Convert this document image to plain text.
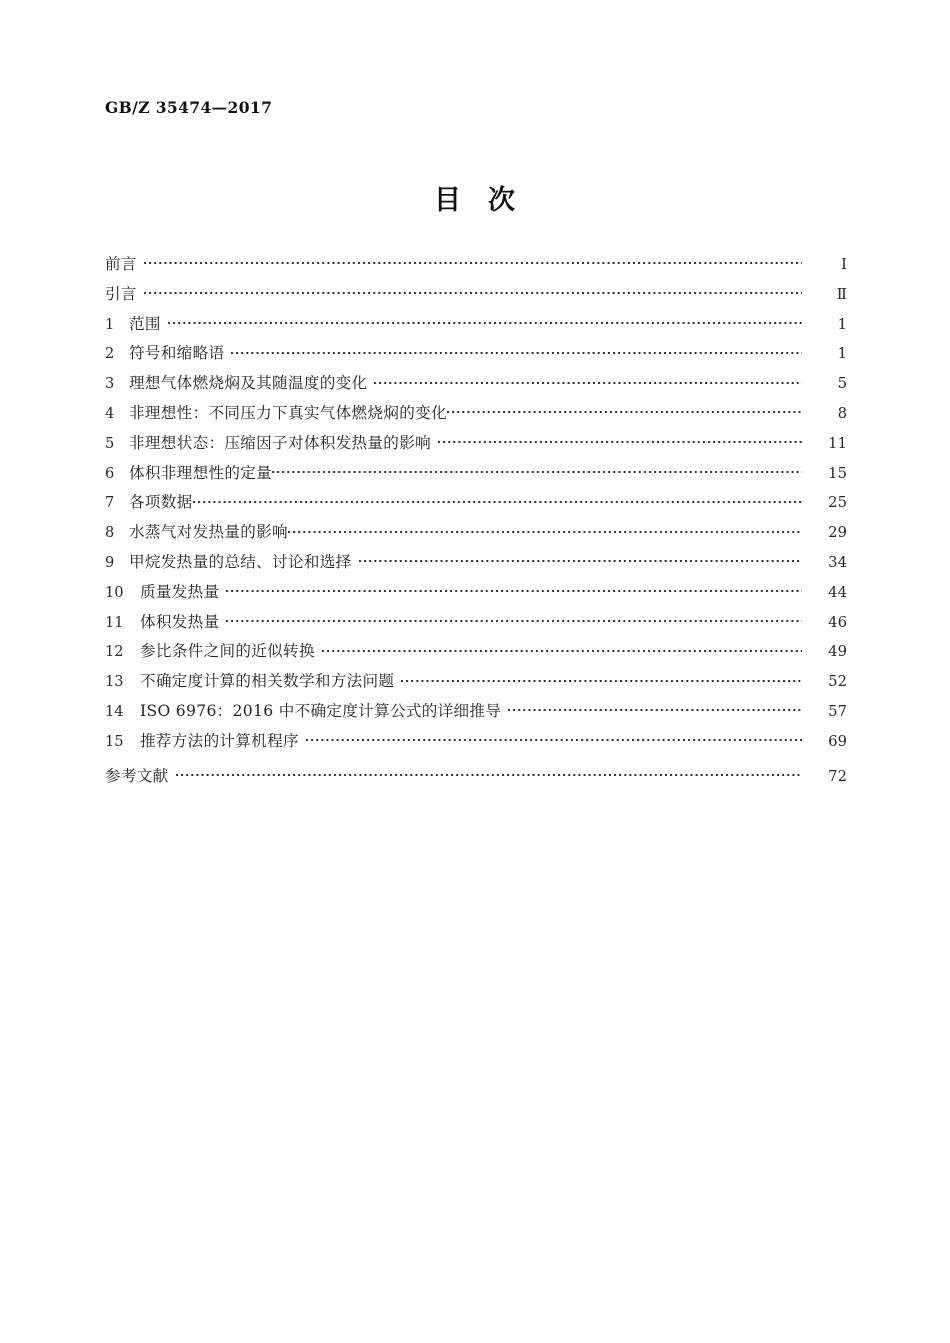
GB/Z 35474—2017
目 次
前言	Ⅰ
引言	Ⅱ
1 范围	1
2 符号和缩略语	1
3 理想气体燃烧焖及其随温度的变化	5
4 非理想性：不同压力下真实气体燃烧焖的变化	8
5 非理想状态：压缩因子对体积发热量的影响	11
6 体积非理想性的定量	15
7 各项数据	25
8 水蒸气对发热量的影响	29
9 甲烷发热量的总结、讨论和选择	34
10	质量发热量	44
11	体积发热量	46
12	参比条件之间的近似转换	49
13	不确定度计算的相关数学和方法问题	52
14	ISO 6976：2016 中不确定度计算公式的详细推导	57
15	推荐方法的计算机程序	69
参考文献	72
